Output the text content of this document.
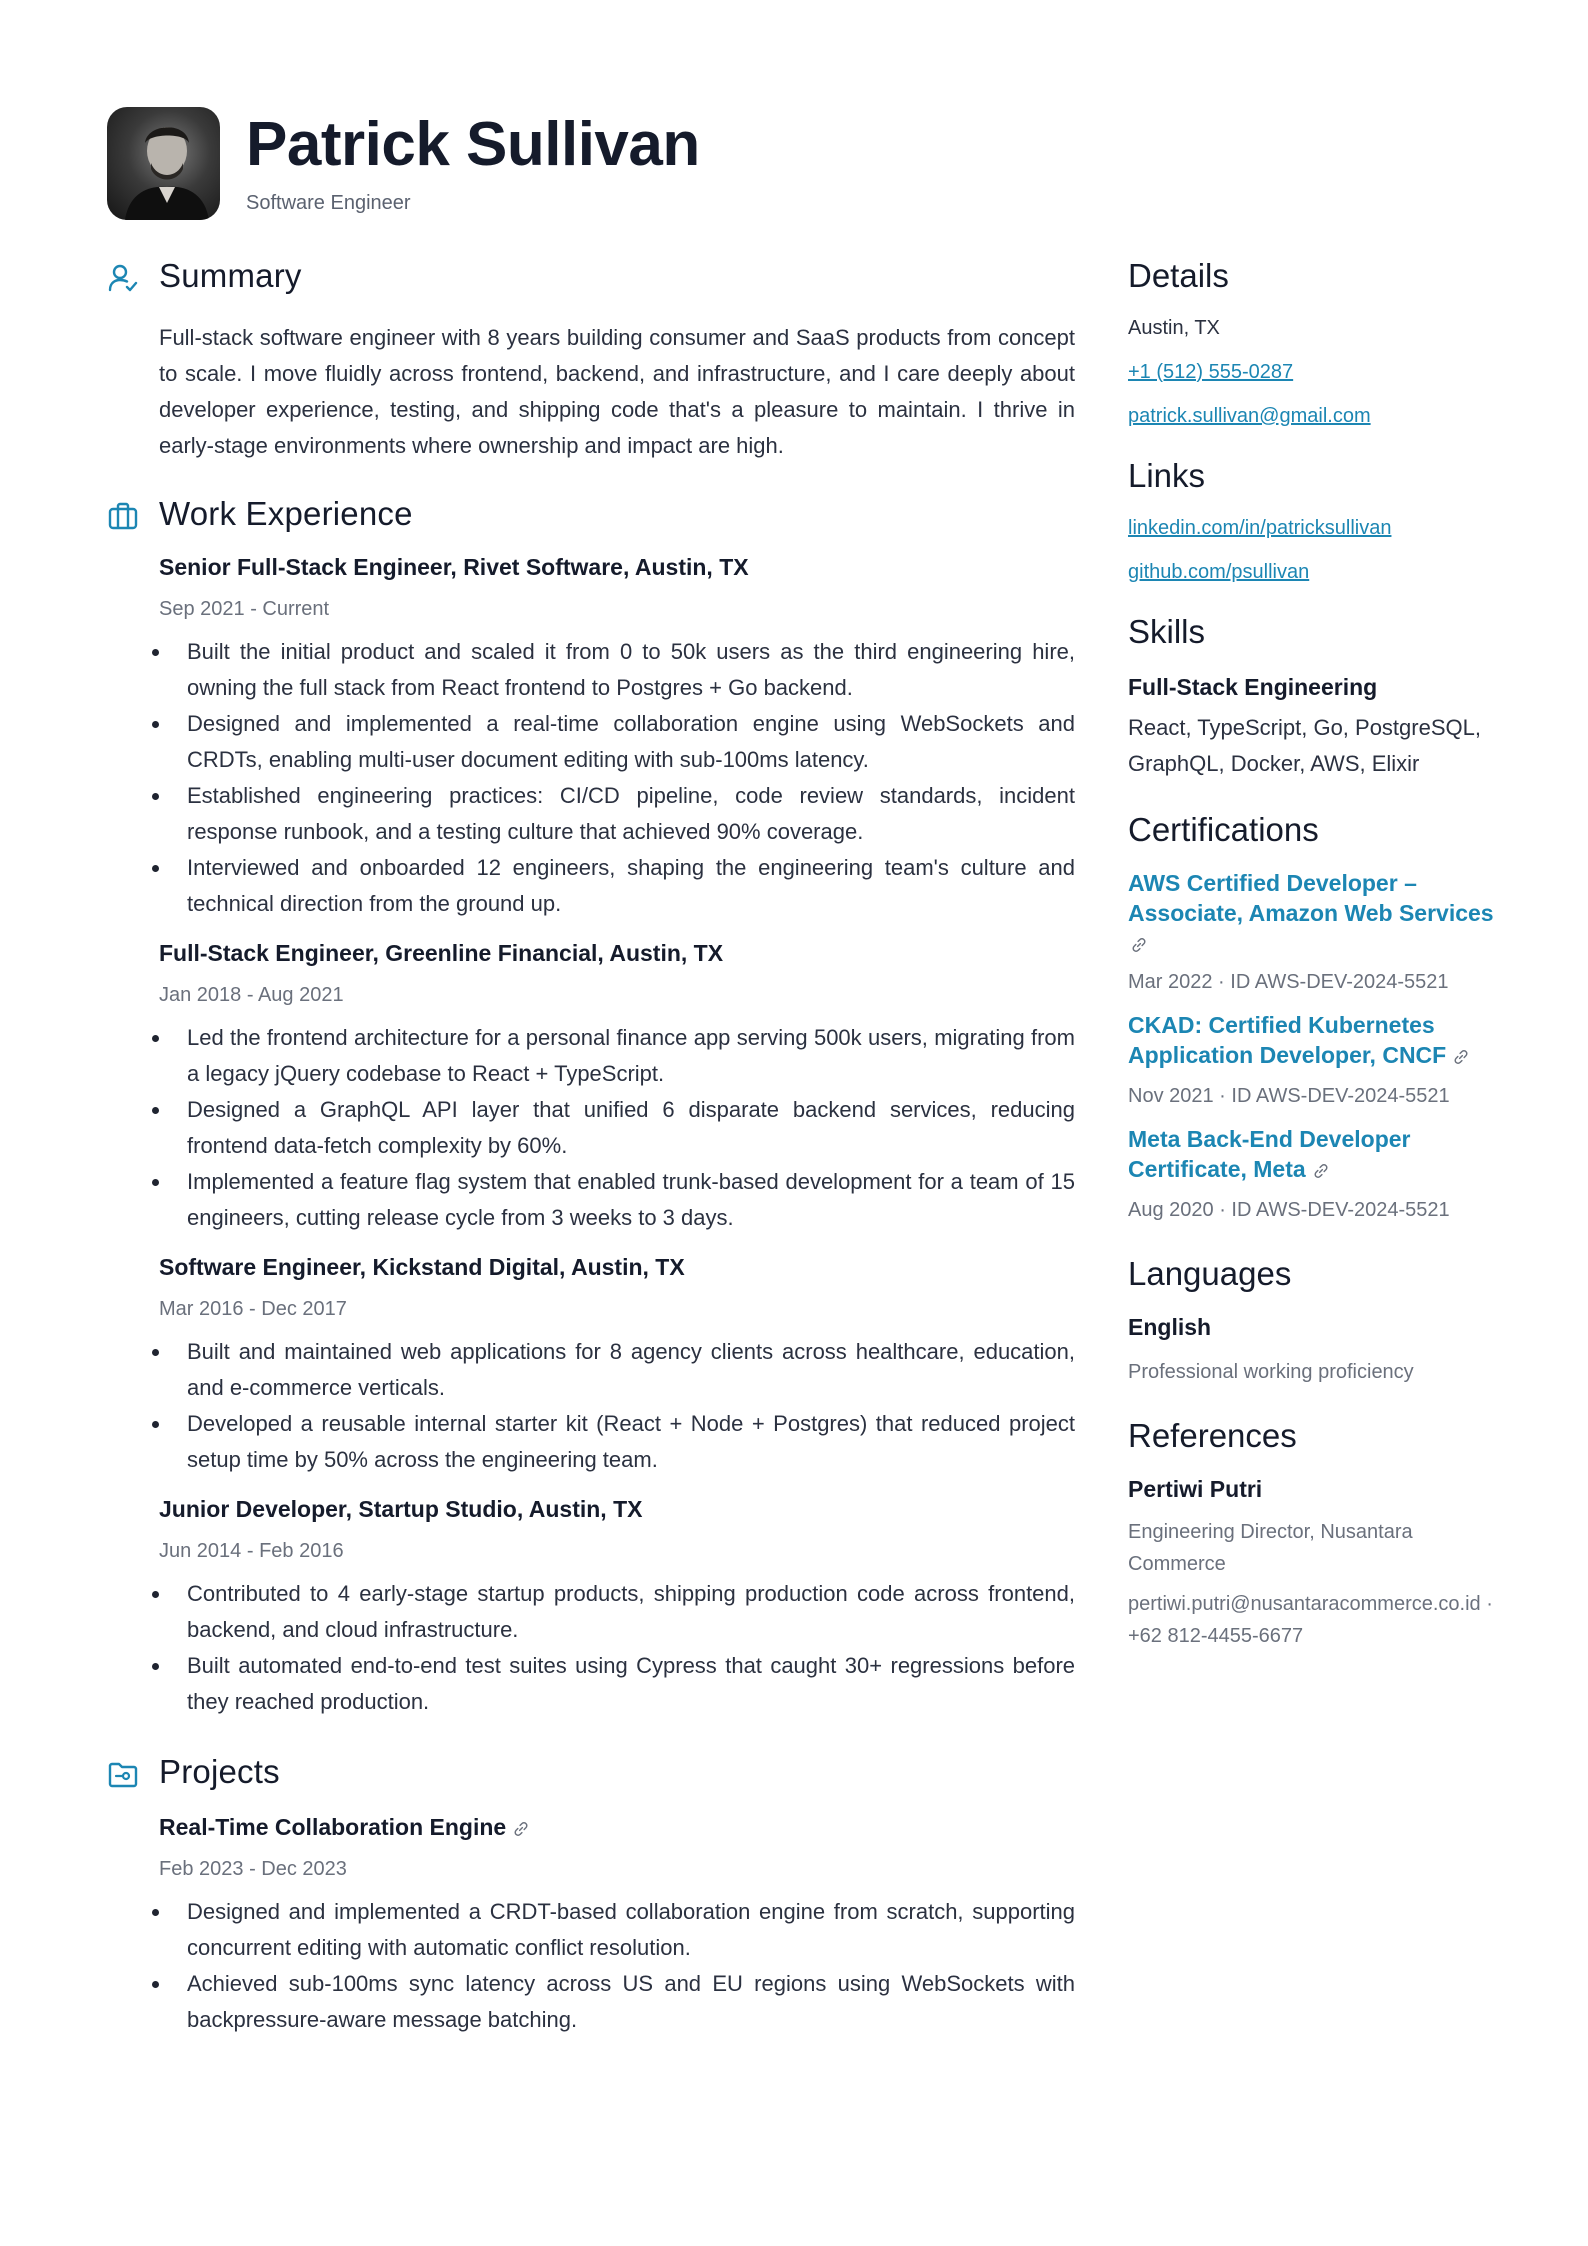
Patrick Sullivan
Software Engineer
Summary

Full-stack software engineer with 8 years building consumer and SaaS products from concept to scale. I move fluidly across frontend, backend, and infrastructure, and I care deeply about developer experience, testing, and shipping code that's a pleasure to maintain. I thrive in early-stage environments where ownership and impact are high.

Work Experience
Senior Full-Stack Engineer, Rivet Software, Austin, TX
Sep 2021 - Current
Built the initial product and scaled it from 0 to 50k users as the third engineering hire, owning the full stack from React frontend to Postgres + Go backend.
Designed and implemented a real-time collaboration engine using WebSockets and CRDTs, enabling multi-user document editing with sub-100ms latency.
Established engineering practices: CI/CD pipeline, code review standards, incident response runbook, and a testing culture that achieved 90% coverage.
Interviewed and onboarded 12 engineers, shaping the engineering team's culture and technical direction from the ground up.
Full-Stack Engineer, Greenline Financial, Austin, TX
Jan 2018 - Aug 2021
Led the frontend architecture for a personal finance app serving 500k users, migrating from a legacy jQuery codebase to React + TypeScript.
Designed a GraphQL API layer that unified 6 disparate backend services, reducing frontend data-fetch complexity by 60%.
Implemented a feature flag system that enabled trunk-based development for a team of 15 engineers, cutting release cycle from 3 weeks to 3 days.
Software Engineer, Kickstand Digital, Austin, TX
Mar 2016 - Dec 2017
Built and maintained web applications for 8 agency clients across healthcare, education, and e-commerce verticals.
Developed a reusable internal starter kit (React + Node + Postgres) that reduced project setup time by 50% across the engineering team.
Junior Developer, Startup Studio, Austin, TX
Jun 2014 - Feb 2016
Contributed to 4 early-stage startup products, shipping production code across frontend, backend, and cloud infrastructure.
Built automated end-to-end test suites using Cypress that caught 30+ regressions before they reached production.
Projects
Real-Time Collaboration Engine
Feb 2023 - Dec 2023
Designed and implemented a CRDT-based collaboration engine from scratch, supporting concurrent editing with automatic conflict resolution.
Achieved sub-100ms sync latency across US and EU regions using WebSockets with backpressure-aware message batching.
Details
Austin, TX
+1 (512) 555-0287
patrick.sullivan@gmail.com
Links
linkedin.com/in/patricksullivan
github.com/psullivan
Skills
Full-Stack Engineering
React, TypeScript, Go, PostgreSQL, GraphQL, Docker, AWS, Elixir
Certifications
AWS Certified Developer – Associate, Amazon Web Services

Mar 2022 · ID AWS-DEV-2024-5521
CKAD: Certified Kubernetes Application Developer, CNCF
Nov 2021 · ID AWS-DEV-2024-5521
Meta Back-End Developer Certificate, Meta
Aug 2020 · ID AWS-DEV-2024-5521
Languages
English
Professional working proficiency
References
Pertiwi Putri
Engineering Director, Nusantara Commerce
pertiwi.putri@nusantaracommerce.co.id · +62 812-4455-6677
